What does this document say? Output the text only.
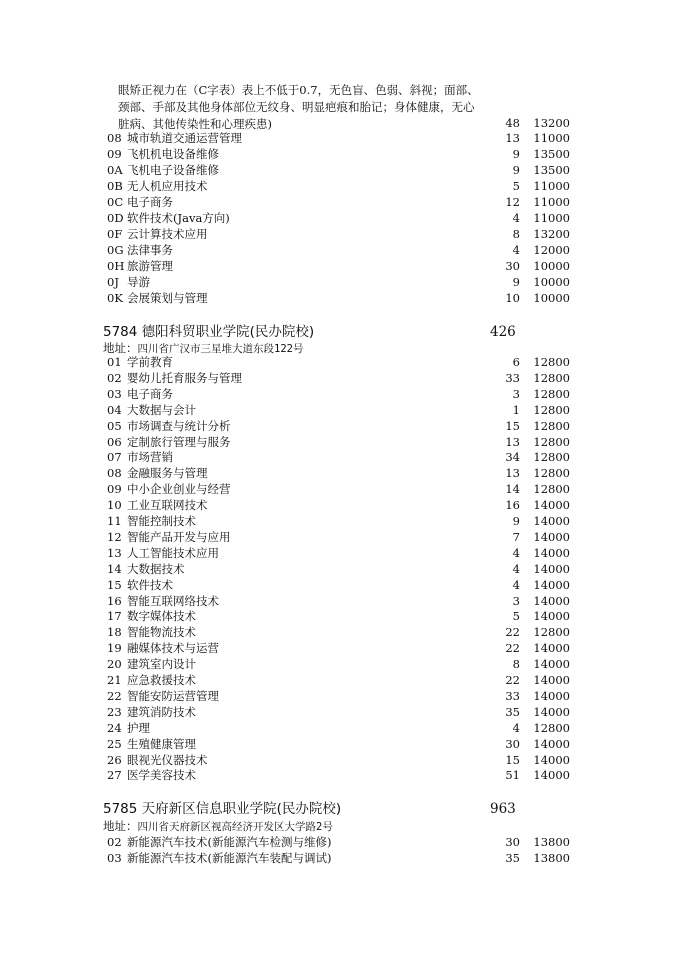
眼矫正视力在（C字表）表上不低于0.7，无色盲、色弱、斜视；面部、
颈部、手部及其他身体部位无纹身、明显疤痕和胎记；身体健康，无心
脏病、其他传染性和心理疾患)	48 13200
08 城市轨道交通运营管理	13	11000
09 飞机机电设备维修	9	13500
0A 飞机电子设备维修	9	13500
0B 无人机应用技术	5	11000
0C 电子商务	12	11000
0D 软件技术(Java方向)	4	11000
0F 云计算技术应用	8	13200
0G 法律事务	4	12000
0H 旅游管理	30	10000
0J 导游	9	10000
0K 会展策划与管理	10	10000
5784 德阳科贸职业学院(民办院校)	426
地址：四川省广汉市三星堆大道东段122号
01 学前教育	6	12800
02 婴幼儿托育服务与管理	33	12800
03 电子商务	3	12800
04 大数据与会计	1	12800
05 市场调查与统计分析	15	12800
06 定制旅行管理与服务	13	12800
07 市场营销	34	12800
08 金融服务与管理	13	12800
09 中小企业创业与经营	14	12800
10 工业互联网技术	16	14000
11 智能控制技术	9	14000
12 智能产品开发与应用	7	14000
13 人工智能技术应用	4	14000
14 大数据技术	4	14000
15 软件技术	4	14000
16 智能互联网络技术	3	14000
17 数字媒体技术	5	14000
18 智能物流技术	22	12800
19 融媒体技术与运营	22	14000
20 建筑室内设计	8	14000
21 应急救援技术	22	14000
22 智能安防运营管理	33	14000
23 建筑消防技术	35	14000
24 护理	4	12800
25 生殖健康管理	30	14000
26 眼视光仪器技术	15	14000
27 医学美容技术	51	14000
5785 天府新区信息职业学院(民办院校)	963
地址：四川省天府新区视高经济开发区大学路2号
02 新能源汽车技术(新能源汽车检测与维修)	30	13800
03 新能源汽车技术(新能源汽车装配与调试)	35	13800
